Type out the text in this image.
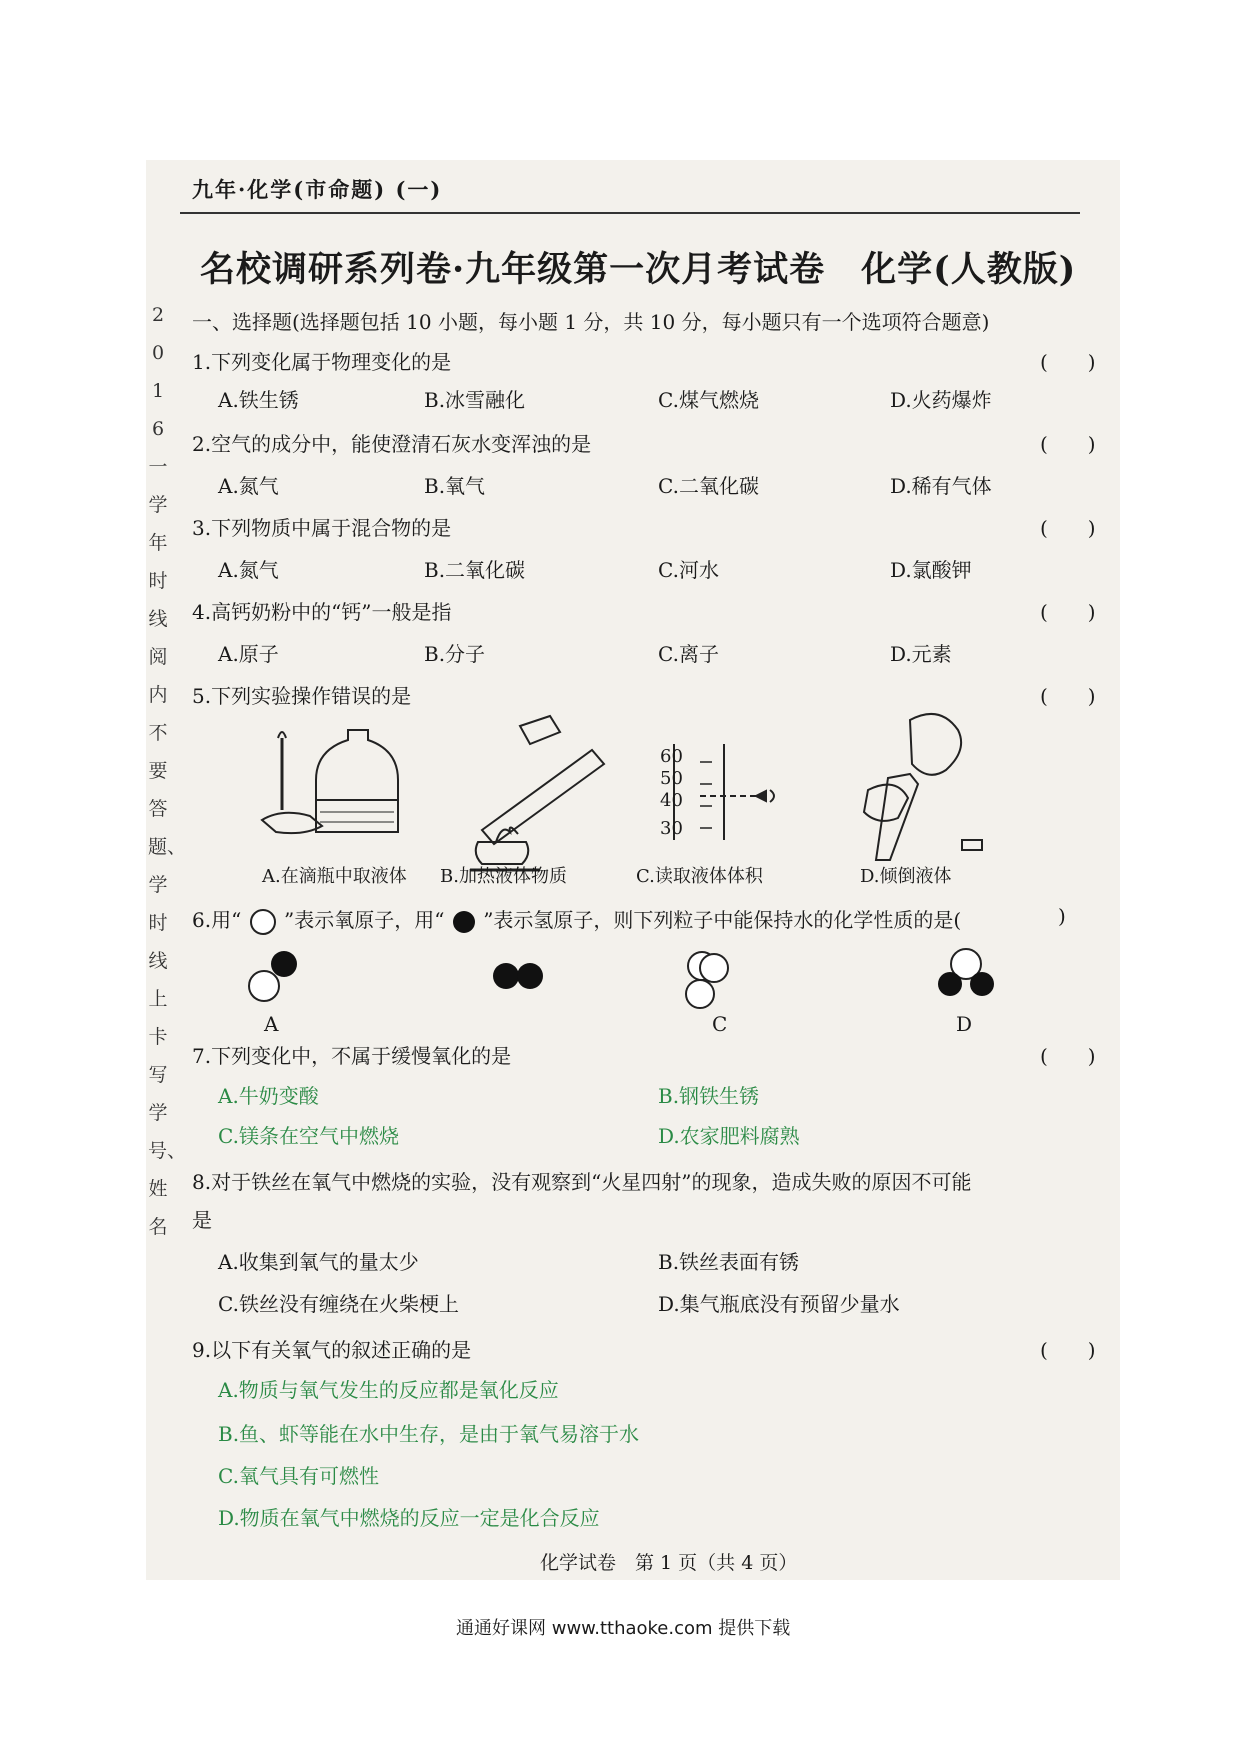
2016一学年时线阅内不要答题、学时线上卡写学号、姓名
九年·化学(市命题) (一)
名校调研系列卷·九年级第一次月考试卷　化学(人教版)
一、选择题(选择题包括 10 小题，每小题 1 分，共 10 分，每小题只有一个选项符合题意)
1.下列变化属于物理变化的是	(　　)
A.铁生锈	B.冰雪融化	C.煤气燃烧	D.火药爆炸
2.空气的成分中，能使澄清石灰水变浑浊的是	(　　)
A.氮气	B.氧气	C.二氧化碳	D.稀有气体
3.下列物质中属于混合物的是	(　　)
A.氮气	B.二氧化碳	C.河水	D.氯酸钾
4.高钙奶粉中的“钙”一般是指	(　　)
A.原子	B.分子	C.离子	D.元素
5.下列实验操作错误的是	(　　)
60
50
40
30
A.在滴瓶中取液体 B.加热液体物质	C.读取液体体积	D.倾倒液体
6.用“ ”表示氧原子，用“ ”表示氢原子，则下列粒子中能保持水的化学性质的是(	)
A	C	D
7.下列变化中，不属于缓慢氧化的是	(　　)
A.牛奶变酸	B.钢铁生锈
C.镁条在空气中燃烧	D.农家肥料腐熟
8.对于铁丝在氧气中燃烧的实验，没有观察到“火星四射”的现象，造成失败的原因不可能
是
A.收集到氧气的量太少	B.铁丝表面有锈
C.铁丝没有缠绕在火柴梗上	D.集气瓶底没有预留少量水
9.以下有关氧气的叙述正确的是	(　　)
A.物质与氧气发生的反应都是氧化反应
B.鱼、虾等能在水中生存，是由于氧气易溶于水
C.氧气具有可燃性
D.物质在氧气中燃烧的反应一定是化合反应
化学试卷　第 1 页（共 4 页）
通通好课网 www.tthaoke.com 提供下载
